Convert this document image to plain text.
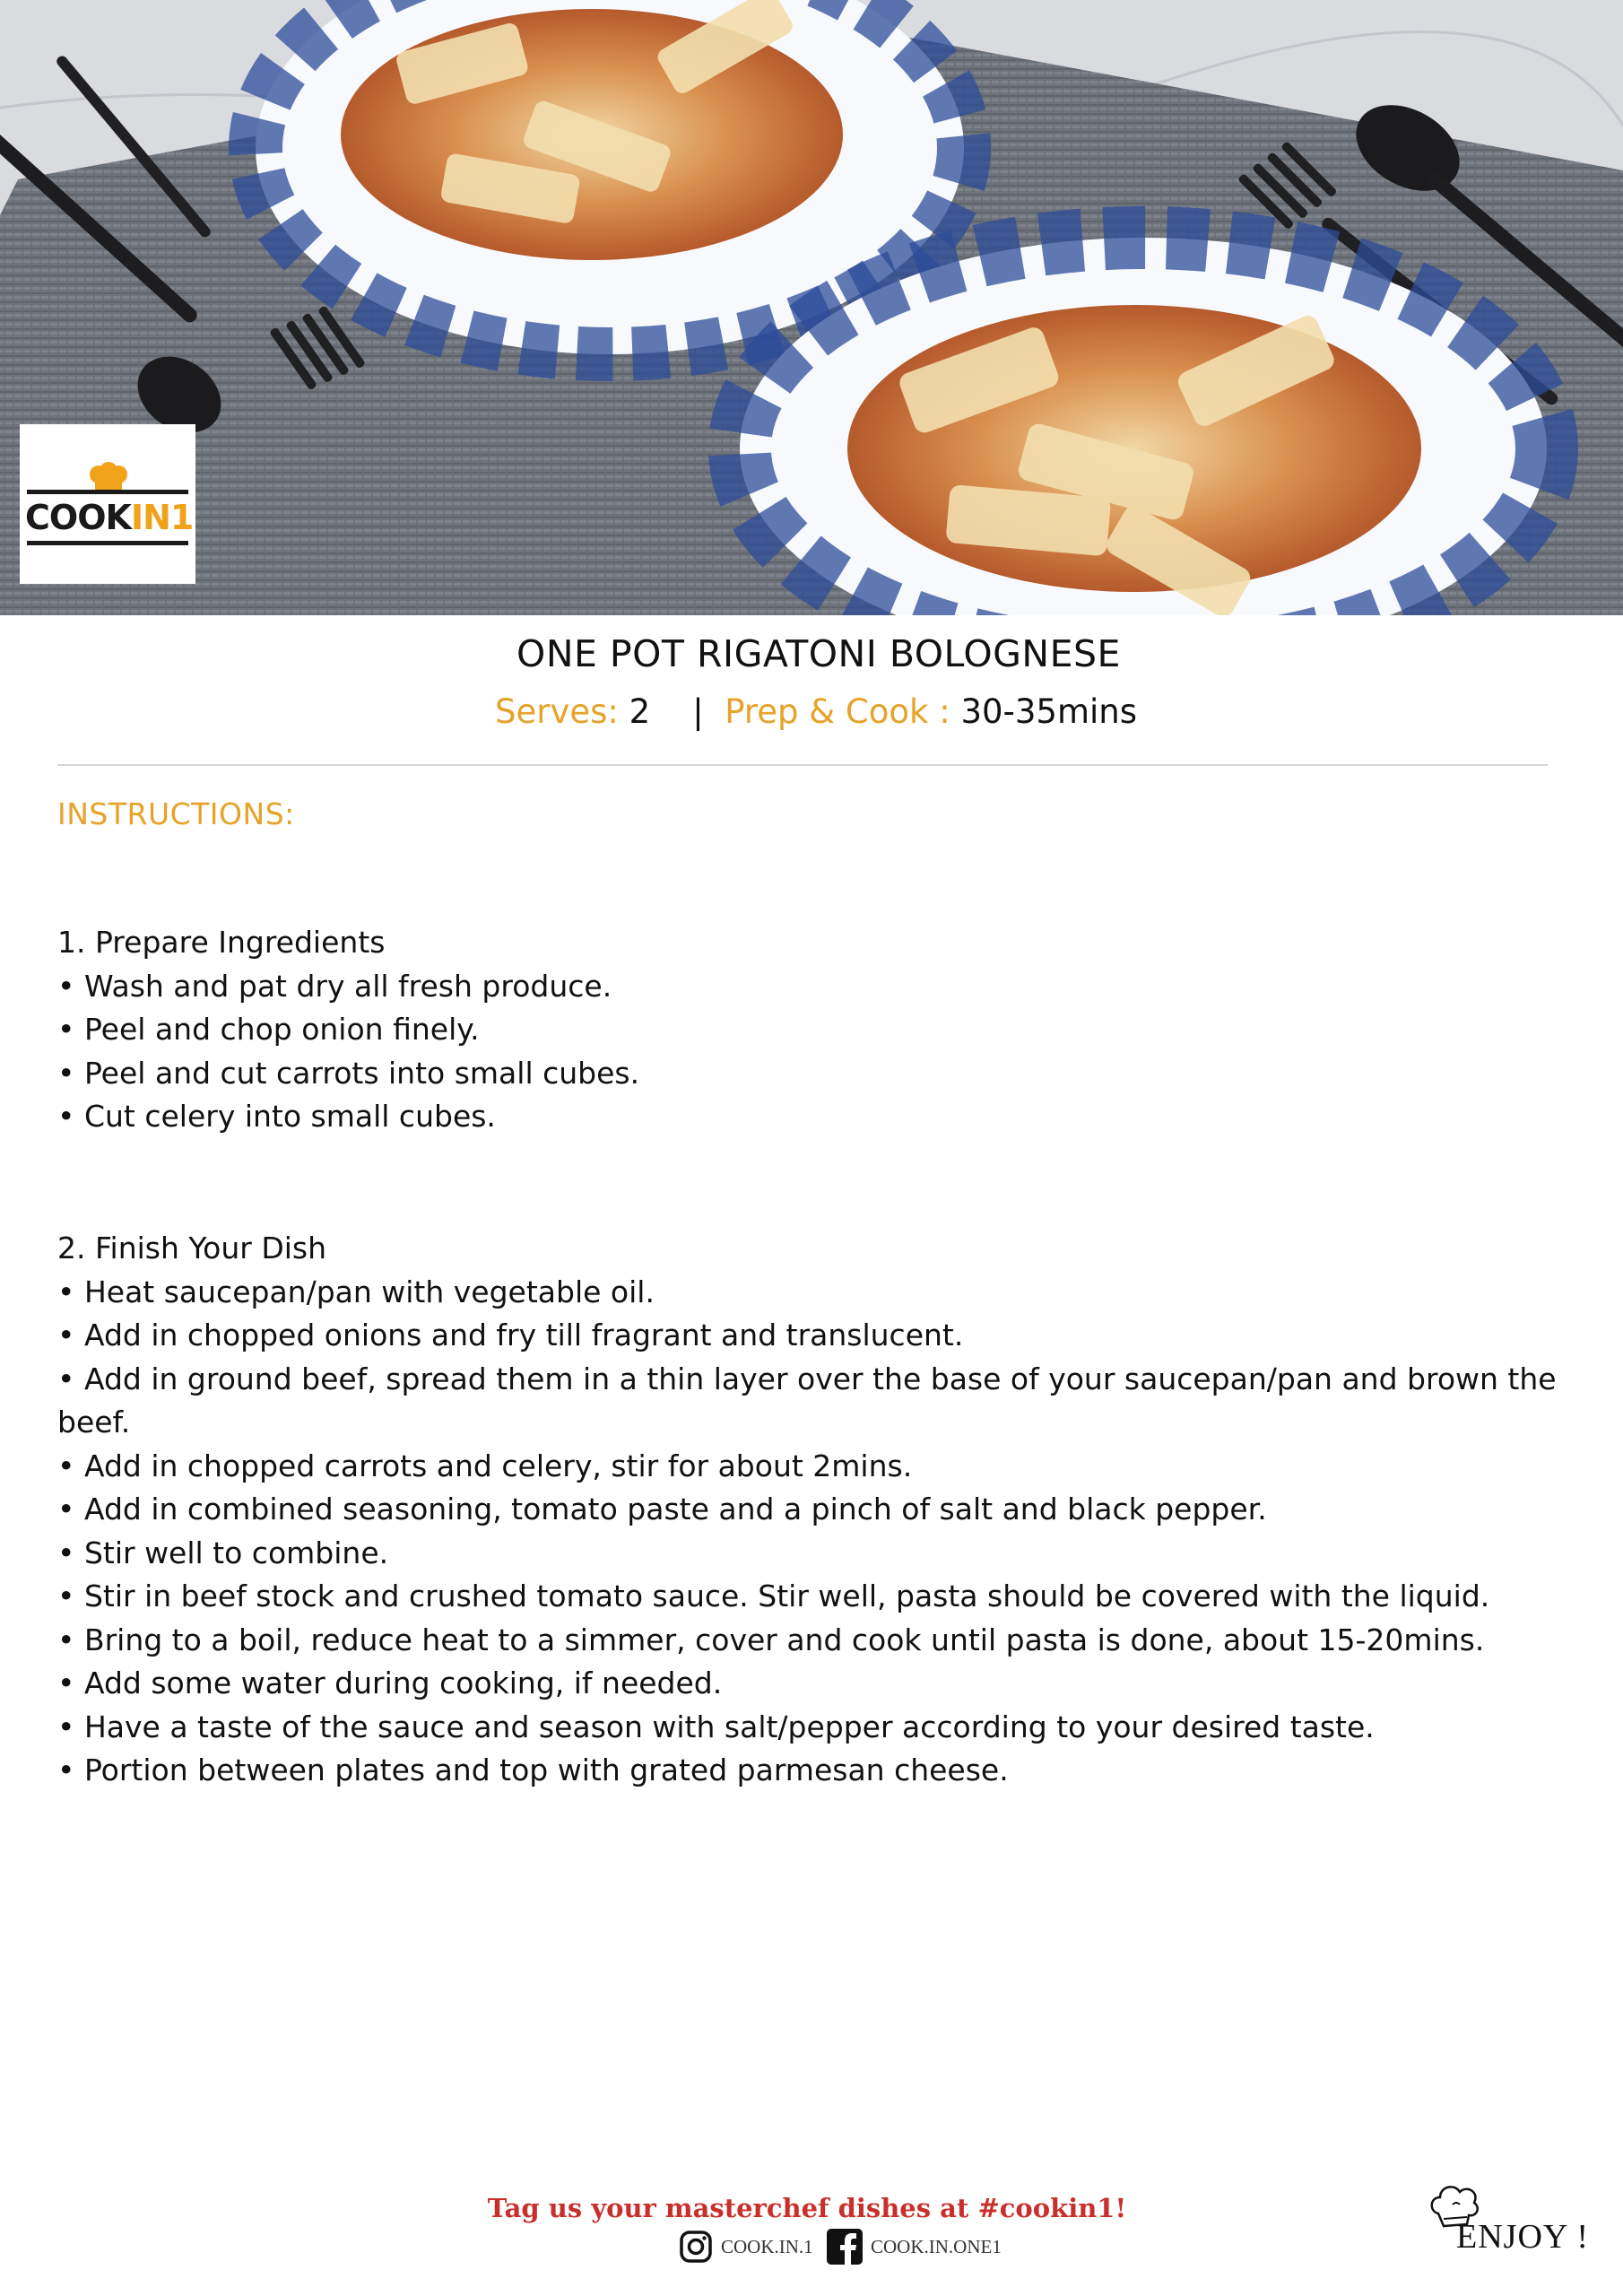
COOKIN1
ONE POT RIGATONI BOLOGNESE
Serves: 2 | Prep & Cook : 30-35mins
INSTRUCTIONS:

1. Prepare Ingredients

• Wash and pat dry all fresh produce.

• Peel and chop onion finely.

• Peel and cut carrots into small cubes.

• Cut celery into small cubes.

2. Finish Your Dish

• Heat saucepan/pan with vegetable oil.

• Add in chopped onions and fry till fragrant and translucent.

• Add in ground beef, spread them in a thin layer over the base of your saucepan/pan and brown the beef.

• Add in chopped carrots and celery, stir for about 2mins.

• Add in combined seasoning, tomato paste and a pinch of salt and black pepper.

• Stir well to combine.

• Stir in beef stock and crushed tomato sauce. Stir well, pasta should be covered with the liquid.

• Bring to a boil, reduce heat to a simmer, cover and cook until pasta is done, about 15-20mins.

• Add some water during cooking, if needed.

• Have a taste of the sauce and season with salt/pepper according to your desired taste.

• Portion between plates and top with grated parmesan cheese.

Tag us your masterchef dishes at #cookin1!
COOK.IN.1	COOK.IN.ONE1	ENJOY !
